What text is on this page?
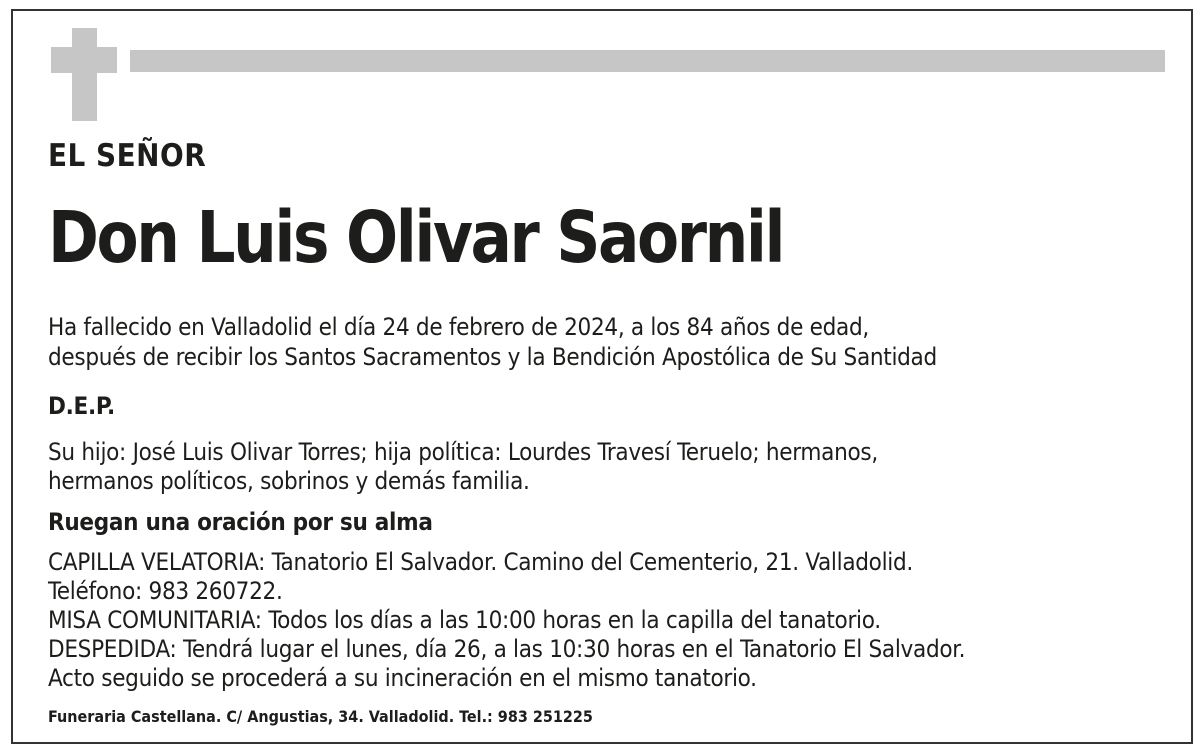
EL SEÑOR
Don Luis Olivar Saornil
Ha fallecido en Valladolid el día 24 de febrero de 2024, a los 84 años de edad,
después de recibir los Santos Sacramentos y la Bendición Apostólica de Su Santidad
D.E.P.
Su hijo: José Luis Olivar Torres; hija política: Lourdes Travesí Teruelo; hermanos,
hermanos políticos, sobrinos y demás familia.
Ruegan una oración por su alma
CAPILLA VELATORIA: Tanatorio El Salvador. Camino del Cementerio, 21. Valladolid.
Teléfono: 983 260722.
MISA COMUNITARIA: Todos los días a las 10:00 horas en la capilla del tanatorio.
DESPEDIDA: Tendrá lugar el lunes, día 26, a las 10:30 horas en el Tanatorio El Salvador.
Acto seguido se procederá a su incineración en el mismo tanatorio.
Funeraria Castellana. C/ Angustias, 34. Valladolid. Tel.: 983 251225
